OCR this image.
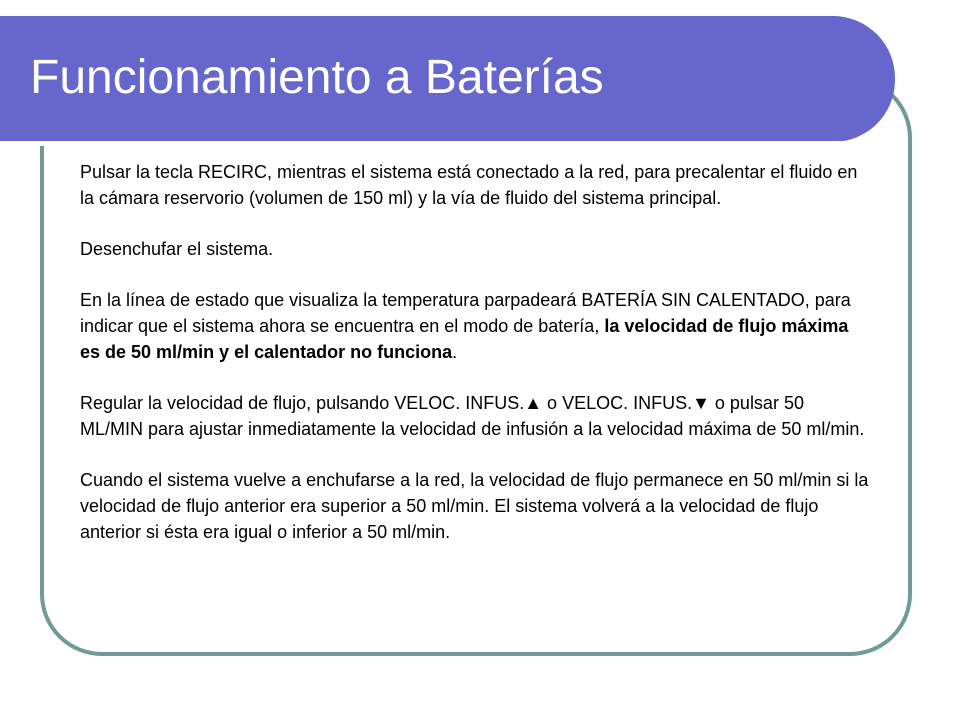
Funcionamiento a Baterías

Pulsar la tecla RECIRC, mientras el sistema está conectado a la red, para precalentar el fluido en la cámara reservorio (volumen de 150 ml) y la vía de fluido del sistema principal.

Desenchufar el sistema.

En la línea de estado que visualiza la temperatura parpadeará BATERÍA SIN CALENTADO, para indicar que el sistema ahora se encuentra en el modo de batería, la velocidad de flujo máxima es de 50 ml/min y el calentador no funciona.

Regular la velocidad de flujo, pulsando VELOC. INFUS.▲ o VELOC. INFUS.▼ o pulsar 50 ML/MIN para ajustar inmediatamente la velocidad de infusión a la velocidad máxima de 50 ml/min.

Cuando el sistema vuelve a enchufarse a la red, la velocidad de flujo permanece en 50 ml/min si la velocidad de flujo anterior era superior a 50 ml/min. El sistema volverá a la velocidad de flujo anterior si ésta era igual o inferior a 50 ml/min.
